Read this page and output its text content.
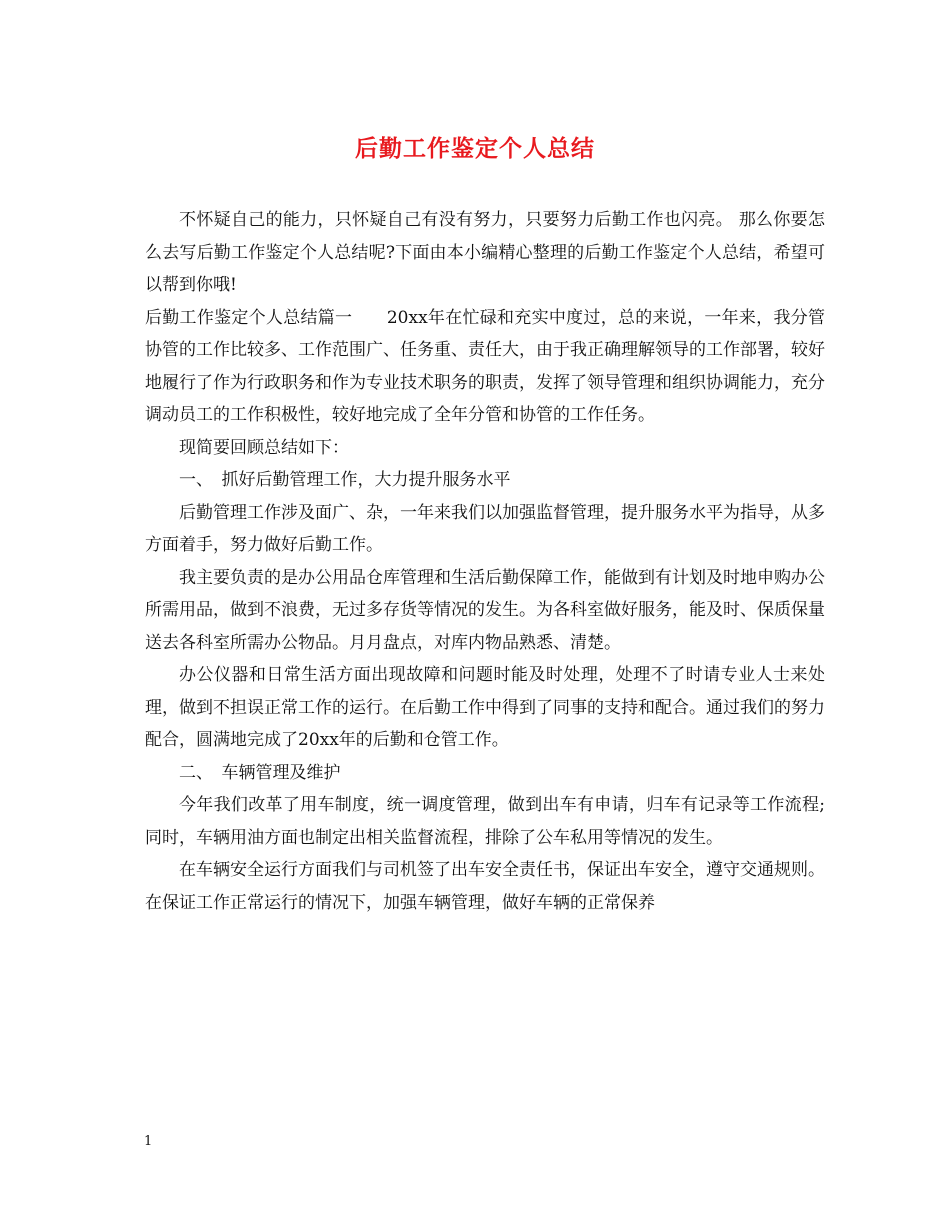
后勤工作鉴定个人总结

不怀疑自己的能力，只怀疑自己有没有努力，只要努力后勤工作也闪亮。 那么你要怎么去写后勤工作鉴定个人总结呢?下面由本小编精心整理的后勤工作鉴定个人总结，希望可以帮到你哦!

后勤工作鉴定个人总结篇一　　20xx年在忙碌和充实中度过，总的来说，一年来，我分管协管的工作比较多、工作范围广、任务重、责任大，由于我正确理解领导的工作部署，较好地履行了作为行政职务和作为专业技术职务的职责，发挥了领导管理和组织协调能力，充分调动员工的工作积极性，较好地完成了全年分管和协管的工作任务。

现简要回顾总结如下：

一、　抓好后勤管理工作，大力提升服务水平

后勤管理工作涉及面广、杂，一年来我们以加强监督管理，提升服务水平为指导，从多方面着手，努力做好后勤工作。

我主要负责的是办公用品仓库管理和生活后勤保障工作，能做到有计划及时地申购办公所需用品，做到不浪费，无过多存货等情况的发生。为各科室做好服务，能及时、保质保量送去各科室所需办公物品。月月盘点，对库内物品熟悉、清楚。

办公仪器和日常生活方面出现故障和问题时能及时处理，处理不了时请专业人士来处理，做到不担误正常工作的运行。在后勤工作中得到了同事的支持和配合。通过我们的努力配合，圆满地完成了20xx年的后勤和仓管工作。

二、　车辆管理及维护

今年我们改革了用车制度，统一调度管理，做到出车有申请，归车有记录等工作流程;同时，车辆用油方面也制定出相关监督流程，排除了公车私用等情况的发生。

在车辆安全运行方面我们与司机签了出车安全责任书，保证出车安全，遵守交通规则。在保证工作正常运行的情况下，加强车辆管理，做好车辆的正常保养

1
